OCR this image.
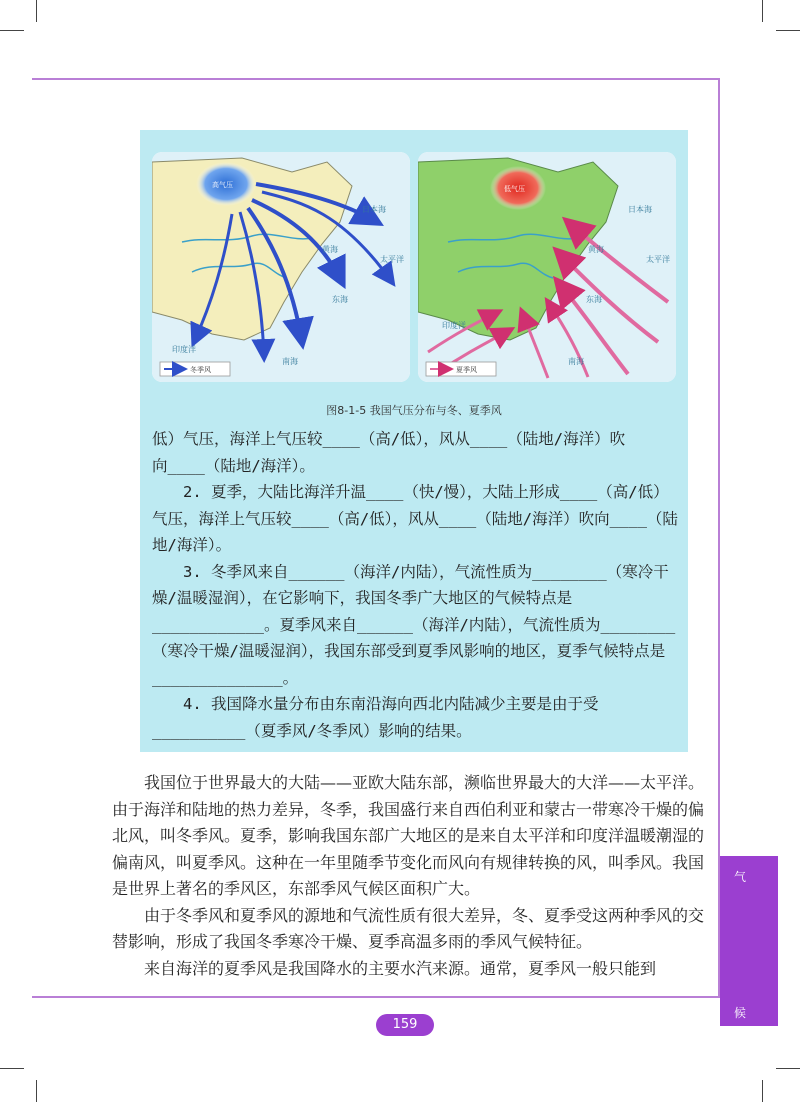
高气压
日本海
黄海
东海
南海
太平洋
印度洋
冬季风
低气压
日本海
黄海
东海
南海
太平洋
印度洋
夏季风
图8-1-5 我国气压分布与冬、夏季风

低）气压，海洋上气压较____（高/低），风从____（陆地/海洋）吹

向____（陆地/海洋）。

2. 夏季，大陆比海洋升温____（快/慢），大陆上形成____（高/低）气压，海洋上气压较____（高/低），风从____（陆地/海洋）吹向____（陆地/海洋）。

3. 冬季风来自______（海洋/内陆），气流性质为________（寒冷干燥/温暖湿润），在它影响下，我国冬季广大地区的气候特点是____________。夏季风来自______（海洋/内陆），气流性质为________（寒冷干燥/温暖湿润），我国东部受到夏季风影响的地区，夏季气候特点是______________。

4. 我国降水量分布由东南沿海向西北内陆减少主要是由于受__________（夏季风/冬季风）影响的结果。

我国位于世界最大的大陆——亚欧大陆东部，濒临世界最大的大洋——太平洋。由于海洋和陆地的热力差异，冬季，我国盛行来自西伯利亚和蒙古一带寒冷干燥的偏北风，叫冬季风。夏季，影响我国东部广大地区的是来自太平洋和印度洋温暖潮湿的偏南风，叫夏季风。这种在一年里随季节变化而风向有规律转换的风，叫季风。我国是世界上著名的季风区，东部季风气候区面积广大。

由于冬季风和夏季风的源地和气流性质有很大差异，冬、夏季受这两种季风的交替影响，形成了我国冬季寒冷干燥、夏季高温多雨的季风气候特征。

来自海洋的夏季风是我国降水的主要水汽来源。通常，夏季风一般只能到

气
候
159
